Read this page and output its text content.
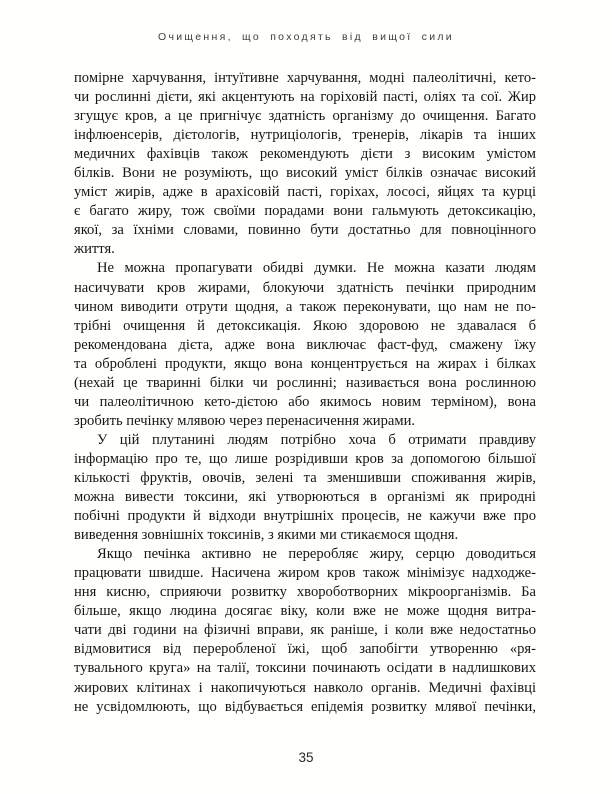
Очищення, що походять від вищої сили
помірне харчування, інтуїтивне харчування, модні палеолітичні, кето-
чи рослинні дієти, які акцентують на горіховій пасті, оліях та сої. Жир
згущує кров, а це пригнічує здатність організму до очищення. Багато
інфлюенсерів, дієтологів, нутриціологів, тренерів, лікарів та інших
медичних фахівців також рекомендують дієти з високим умістом
білків. Вони не розуміють, що високий уміст білків означає високий
уміст жирів, адже в арахісовій пасті, горіхах, лососі, яйцях та курці
є багато жиру, тож своїми порадами вони гальмують детоксикацію,
якої, за їхніми словами, повинно бути достатньо для повноцінного
життя.
Не можна пропагувати обидві думки. Не можна казати людям
насичувати кров жирами, блокуючи здатність печінки природним
чином виводити отрути щодня, а також переконувати, що нам не по-
трібні очищення й детоксикація. Якою здоровою не здавалася б
рекомендована дієта, адже вона виключає фаст-фуд, смажену їжу
та оброблені продукти, якщо вона концентрується на жирах і білках
(нехай це тваринні білки чи рослинні; називається вона рослинною
чи палеолітичною кето-дієтою або якимось новим терміном), вона
зробить печінку млявою через перенасичення жирами.
У цій плутанині людям потрібно хоча б отримати правдиву
інформацію про те, що лише розрідивши кров за допомогою більшої
кількості фруктів, овочів, зелені та зменшивши споживання жирів,
можна вивести токсини, які утворюються в організмі як природні
побічні продукти й відходи внутрішніх процесів, не кажучи вже про
виведення зовнішніх токсинів, з якими ми стикаємося щодня.
Якщо печінка активно не переробляє жиру, серцю доводиться
працювати швидше. Насичена жиром кров також мінімізує надходже-
ння кисню, сприяючи розвитку хвороботворних мікроорганізмів. Ба
більше, якщо людина досягає віку, коли вже не може щодня витра-
чати дві години на фізичні вправи, як раніше, і коли вже недостатньо
відмовитися від переробленої їжі, щоб запобігти утворенню «ря-
тувального круга» на талії, токсини починають осідати в надлишкових
жирових клітинах і накопичуються навколо органів. Медичні фахівці
не усвідомлюють, що відбувається епідемія розвитку млявої печінки,
35
